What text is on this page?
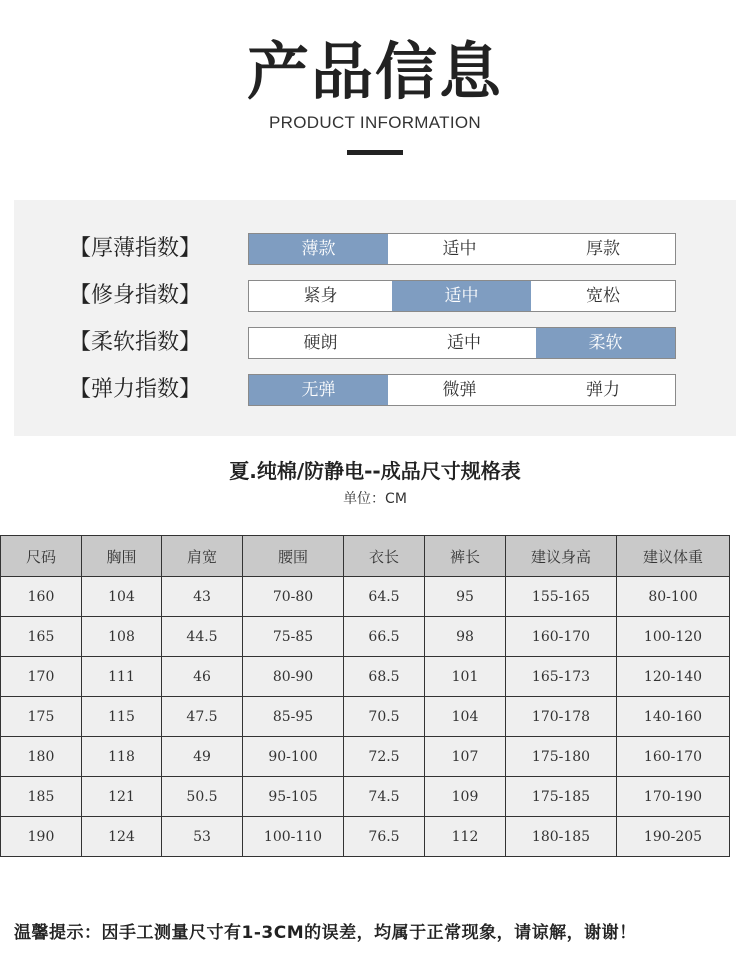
产品信息
PRODUCT INFORMATION
【厚薄指数】	薄款	适中	厚款
【修身指数】	紧身	适中	宽松
【柔软指数】	硬朗	适中	柔软
【弹力指数】	无弹	微弹	弹力
夏.纯棉/防静电--成品尺寸规格表
单位：CM
尺码	胸围	肩宽	腰围	衣长	裤长	建议身高	建议体重
160	104	43	70-80	64.5	95	155-165	80-100
165	108	44.5	75-85	66.5	98	160-170	100-120
170	111	46	80-90	68.5	101	165-173	120-140
175	115	47.5	85-95	70.5	104	170-178	140-160
180	118	49	90-100	72.5	107	175-180	160-170
185	121	50.5	95-105	74.5	109	175-185	170-190
190	124	53	100-110	76.5	112	180-185	190-205
温馨提示：因手工测量尺寸有1-3CM的误差，均属于正常现象，请谅解，谢谢！
